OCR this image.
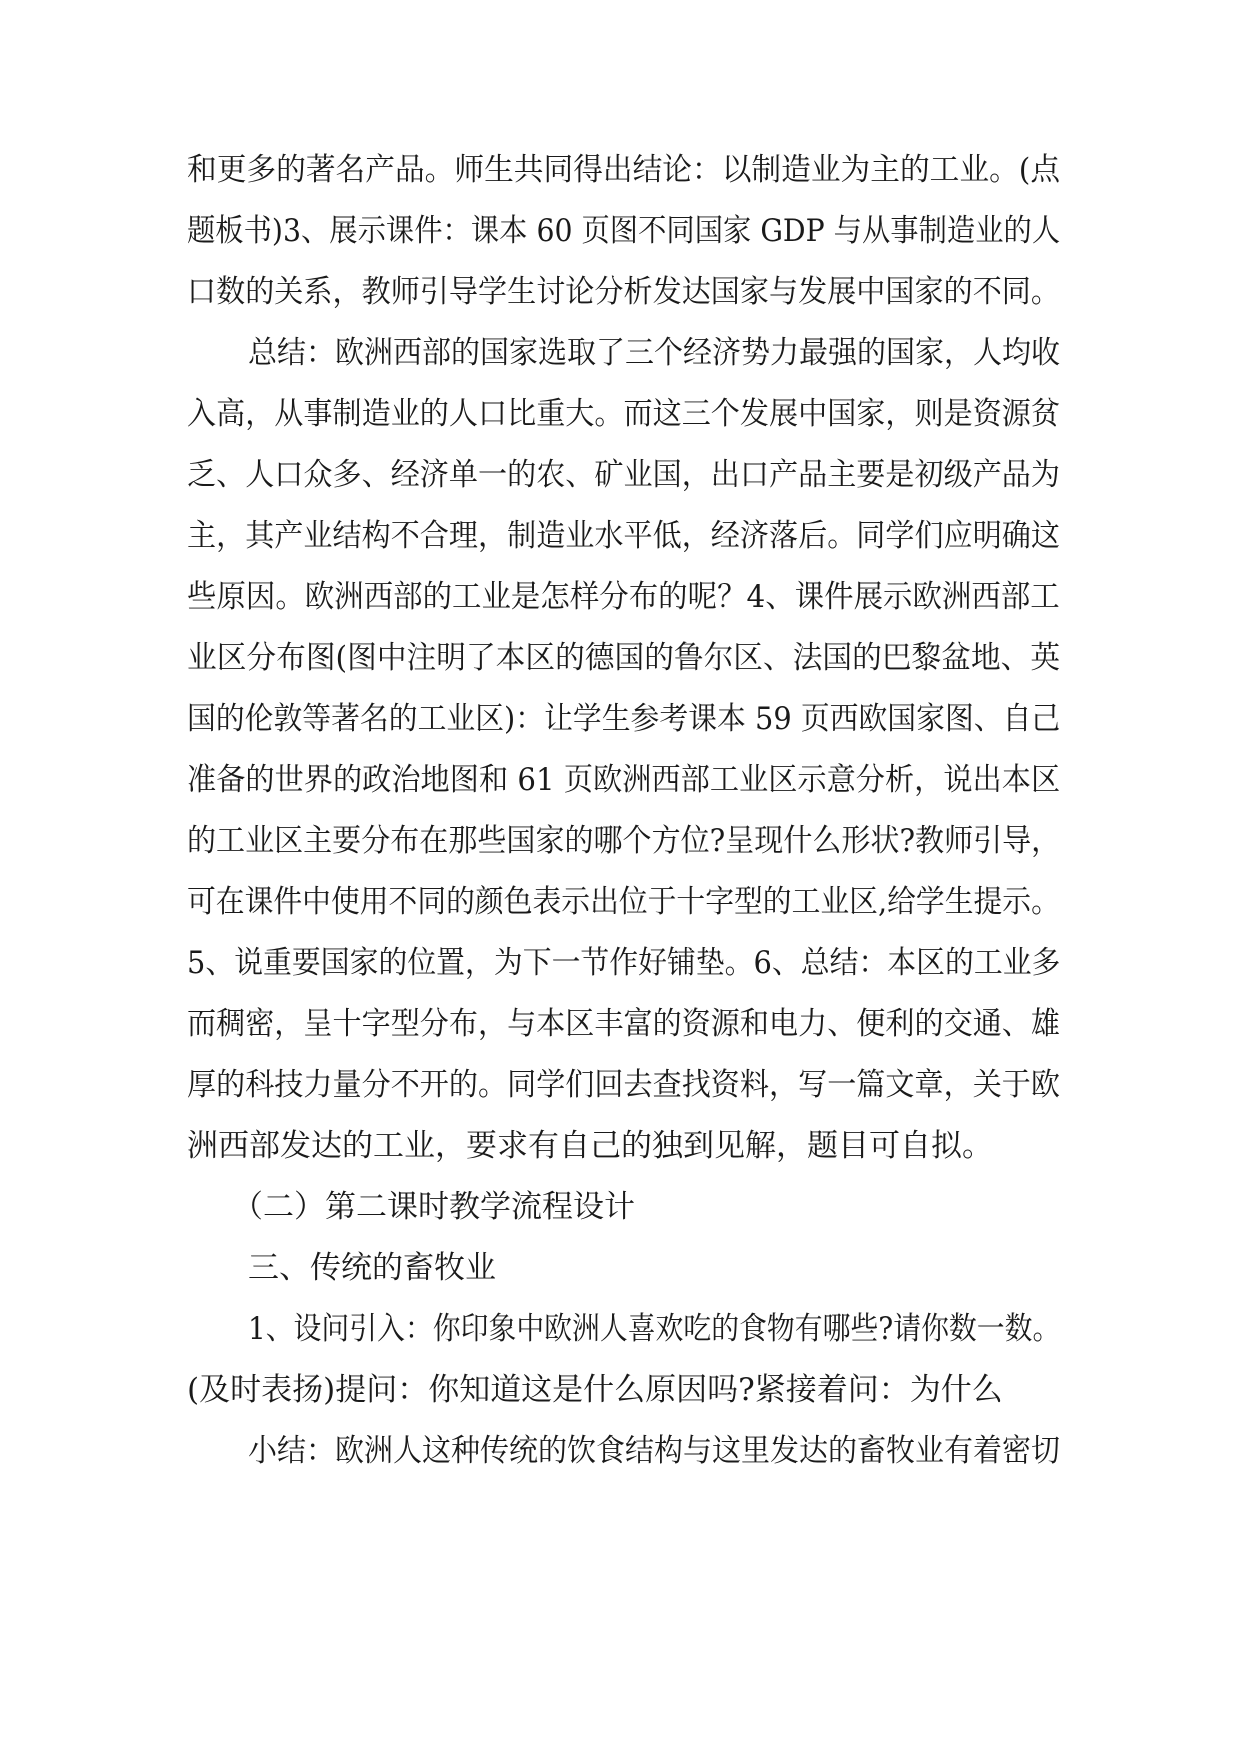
和更多的著名产品。师生共同得出结论：以制造业为主的工业。(点
题板书)3、展示课件：课本 60 页图不同国家 GDP 与从事制造业的人
口数的关系，教师引导学生讨论分析发达国家与发展中国家的不同。
总结：欧洲西部的国家选取了三个经济势力最强的国家，人均收
入高，从事制造业的人口比重大。而这三个发展中国家，则是资源贫
乏、人口众多、经济单一的农、矿业国，出口产品主要是初级产品为
主，其产业结构不合理，制造业水平低，经济落后。同学们应明确这
些原因。欧洲西部的工业是怎样分布的呢？4、课件展示欧洲西部工
业区分布图(图中注明了本区的德国的鲁尔区、法国的巴黎盆地、英
国的伦敦等著名的工业区)：让学生参考课本 59 页西欧国家图、自己
准备的世界的政治地图和 61 页欧洲西部工业区示意分析，说出本区
的工业区主要分布在那些国家的哪个方位?呈现什么形状?教师引导，
可在课件中使用不同的颜色表示出位于十字型的工业区,给学生提示。
5、说重要国家的位置，为下一节作好铺垫。6、总结：本区的工业多
而稠密，呈十字型分布，与本区丰富的资源和电力、便利的交通、雄
厚的科技力量分不开的。同学们回去查找资料，写一篇文章，关于欧
洲西部发达的工业，要求有自己的独到见解，题目可自拟。
（二）第二课时教学流程设计
三、传统的畜牧业
1、设问引入：你印象中欧洲人喜欢吃的食物有哪些?请你数一数。
(及时表扬)提问：你知道这是什么原因吗?紧接着问：为什么
小结：欧洲人这种传统的饮食结构与这里发达的畜牧业有着密切
